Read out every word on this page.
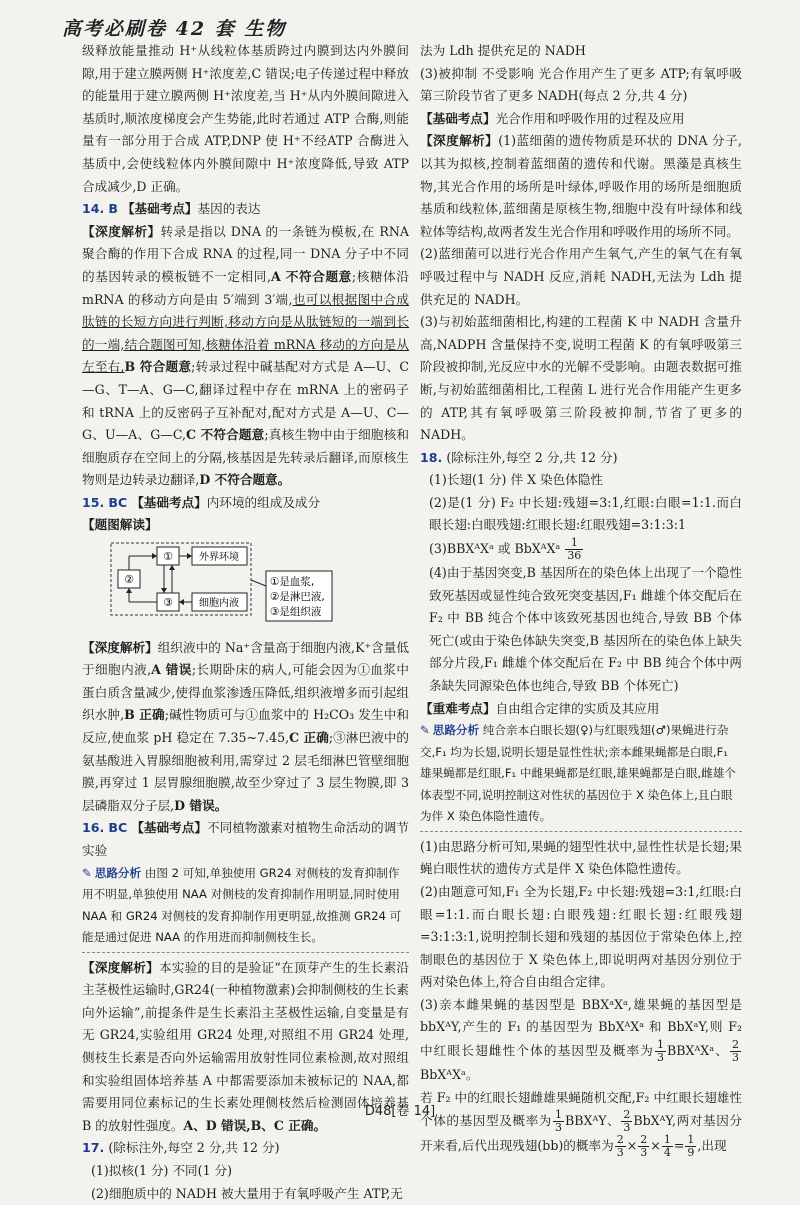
高考必刷卷 42 套 生物

级释放能量推动 H⁺从线粒体基质跨过内膜到达内外膜间隙,用于建立膜两侧 H⁺浓度差,C 错误;电子传递过程中释放的能量用于建立膜两侧 H⁺浓度差,当 H⁺从内外膜间隙进入基质时,顺浓度梯度会产生势能,此时若通过 ATP 合酶,则能量有一部分用于合成 ATP,DNP 使 H⁺不经ATP 合酶进入基质中,会使线粒体内外膜间隙中 H⁺浓度降低,导致 ATP 合成减少,D 正确。

14. B 【基础考点】基因的表达

【深度解析】转录是指以 DNA 的一条链为模板,在 RNA 聚合酶的作用下合成 RNA 的过程,同一 DNA 分子中不同的基因转录的模板链不一定相同,A 不符合题意;核糖体沿mRNA 的移动方向是由 5′端到 3′端,也可以根据图中合成肽链的长短方向进行判断,移动方向是从肽链短的一端到长的一端,结合题图可知,核糖体沿着 mRNA 移动的方向是从左至右,B 符合题意;转录过程中碱基配对方式是 A—U、C—G、T—A、G—C,翻译过程中存在 mRNA 上的密码子和 tRNA 上的反密码子互补配对,配对方式是 A—U、C—G、U—A、G—C,C 不符合题意;真核生物中由于细胞核和细胞质存在空间上的分隔,核基因是先转录后翻译,而原核生物则是边转录边翻译,D 不符合题意。

15. BC 【基础考点】内环境的组成及成分

【题图解读】

①
②
③
外界环境
细胞内液
①是血浆,
②是淋巴液,
③是组织液

【深度解析】组织液中的 Na⁺含量高于细胞内液,K⁺含量低于细胞内液,A 错误;长期卧床的病人,可能会因为①血浆中蛋白质含量减少,使得血浆渗透压降低,组织液增多而引起组织水肿,B 正确;碱性物质可与①血浆中的 H₂CO₃ 发生中和反应,使血浆 pH 稳定在 7.35~7.45,C 正确;③淋巴液中的氨基酸进入胃腺细胞被利用,需穿过 2 层毛细淋巴管壁细胞膜,再穿过 1 层胃腺细胞膜,故至少穿过了 3 层生物膜,即 3 层磷脂双分子层,D 错误。

16. BC 【基础考点】不同植物激素对植物生命活动的调节实验

✎ 思路分析 由图 2 可知,单独使用 GR24 对侧枝的发育抑制作用不明显,单独使用 NAA 对侧枝的发育抑制作用明显,同时使用 NAA 和 GR24 对侧枝的发育抑制作用更明显,故推测 GR24 可能是通过促进 NAA 的作用进而抑制侧枝生长。

【深度解析】本实验的目的是验证“在顶芽产生的生长素沿主茎极性运输时,GR24(一种植物激素)会抑制侧枝的生长素向外运输”,前提条件是生长素沿主茎极性运输,自变量是有无 GR24,实验组用 GR24 处理,对照组不用 GR24 处理,侧枝生长素是否向外运输需用放射性同位素检测,故对照组和实验组固体培养基 A 中都需要添加未被标记的 NAA,都需要用同位素标记的生长素处理侧枝然后检测固体培养基 B 的放射性强度。A、D 错误,B、C 正确。

17. (除标注外,每空 2 分,共 12 分)

(1)拟核(1 分) 不同(1 分)

(2)细胞质中的 NADH 被大量用于有氧呼吸产生 ATP,无

法为 Ldh 提供充足的 NADH

(3)被抑制 不受影响 光合作用产生了更多 ATP;有氧呼吸第三阶段节省了更多 NADH(每点 2 分,共 4 分)

【基础考点】光合作用和呼吸作用的过程及应用

【深度解析】(1)蓝细菌的遗传物质是环状的 DNA 分子,以其为拟核,控制着蓝细菌的遗传和代谢。黑藻是真核生物,其光合作用的场所是叶绿体,呼吸作用的场所是细胞质基质和线粒体,蓝细菌是原核生物,细胞中没有叶绿体和线粒体等结构,故两者发生光合作用和呼吸作用的场所不同。

(2)蓝细菌可以进行光合作用产生氧气,产生的氧气在有氧呼吸过程中与 NADH 反应,消耗 NADH,无法为 Ldh 提供充足的 NADH。

(3)与初始蓝细菌相比,构建的工程菌 K 中 NADH 含量升高,NADPH 含量保持不变,说明工程菌 K 的有氧呼吸第三阶段被抑制,光反应中水的光解不受影响。由题表数据可推断,与初始蓝细菌相比,工程菌 L 进行光合作用能产生更多的 ATP,其有氧呼吸第三阶段被抑制,节省了更多的 NADH。

18. (除标注外,每空 2 分,共 12 分)

(1)长翅(1 分) 伴 X 染色体隐性

(2)是(1 分) F₂ 中长翅:残翅=3:1,红眼:白眼=1:1.而白眼长翅:白眼残翅:红眼长翅:红眼残翅=3:1:3:1

(3)BBXᴬXᵃ 或 BbXᴬXᵃ $\frac{1}{36}$

(4)由于基因突变,B 基因所在的染色体上出现了一个隐性致死基因或显性纯合致死突变基因,F₁ 雌雄个体交配后在 F₂ 中 BB 纯合个体中该致死基因也纯合,导致 BB 个体死亡(或由于染色体缺失突变,B 基因所在的染色体上缺失部分片段,F₁ 雌雄个体交配后在 F₂ 中 BB 纯合个体中两条缺失同源染色体也纯合,导致 BB 个体死亡)

【重难考点】自由组合定律的实质及其应用

✎ 思路分析 纯合亲本白眼长翅(♀)与红眼残翅(♂)果蝇进行杂交,F₁ 均为长翅,说明长翅是显性性状;亲本雌果蝇都是白眼,F₁ 雄果蝇都是红眼,F₁ 中雌果蝇都是红眼,雄果蝇都是白眼,雌雄个体表型不同,说明控制这对性状的基因位于 X 染色体上,且白眼为伴 X 染色体隐性遗传。

(1)由思路分析可知,果蝇的翅型性状中,显性性状是长翅;果蝇白眼性状的遗传方式是伴 X 染色体隐性遗传。

(2)由题意可知,F₁ 全为长翅,F₂ 中长翅:残翅=3:1,红眼:白眼=1:1.而白眼长翅:白眼残翅:红眼长翅:红眼残翅=3:1:3:1,说明控制长翅和残翅的基因位于常染色体上,控制眼色的基因位于 X 染色体上,即说明两对基因分别位于两对染色体上,符合自由组合定律。

(3)亲本雌果蝇的基因型是 BBXᵃXᵃ,雄果蝇的基因型是 bbXᴬY,产生的 F₁ 的基因型为 BbXᴬXᵃ 和 BbXᵃY,则 F₂ 中红眼长翅雌性个体的基因型及概率为 $\frac{1}{3}$ BBXᴬXᵃ、 $\frac{2}{3}$
BbXᴬXᵃ。

若 F₂ 中的红眼长翅雌雄果蝇随机交配,F₂ 中红眼长翅雄性个体的基因型及概率为 $\frac{1}{3}$ BBXᴬY、 $\frac{2}{3}$ BbXᴬY,两对基因分开来看,后代出现残翅(bb)的概率为 $\frac{2}{3} \times \frac{2}{3} \times \frac{1}{4} = \frac{1}{9}$ ,出现

D48[卷 14]
